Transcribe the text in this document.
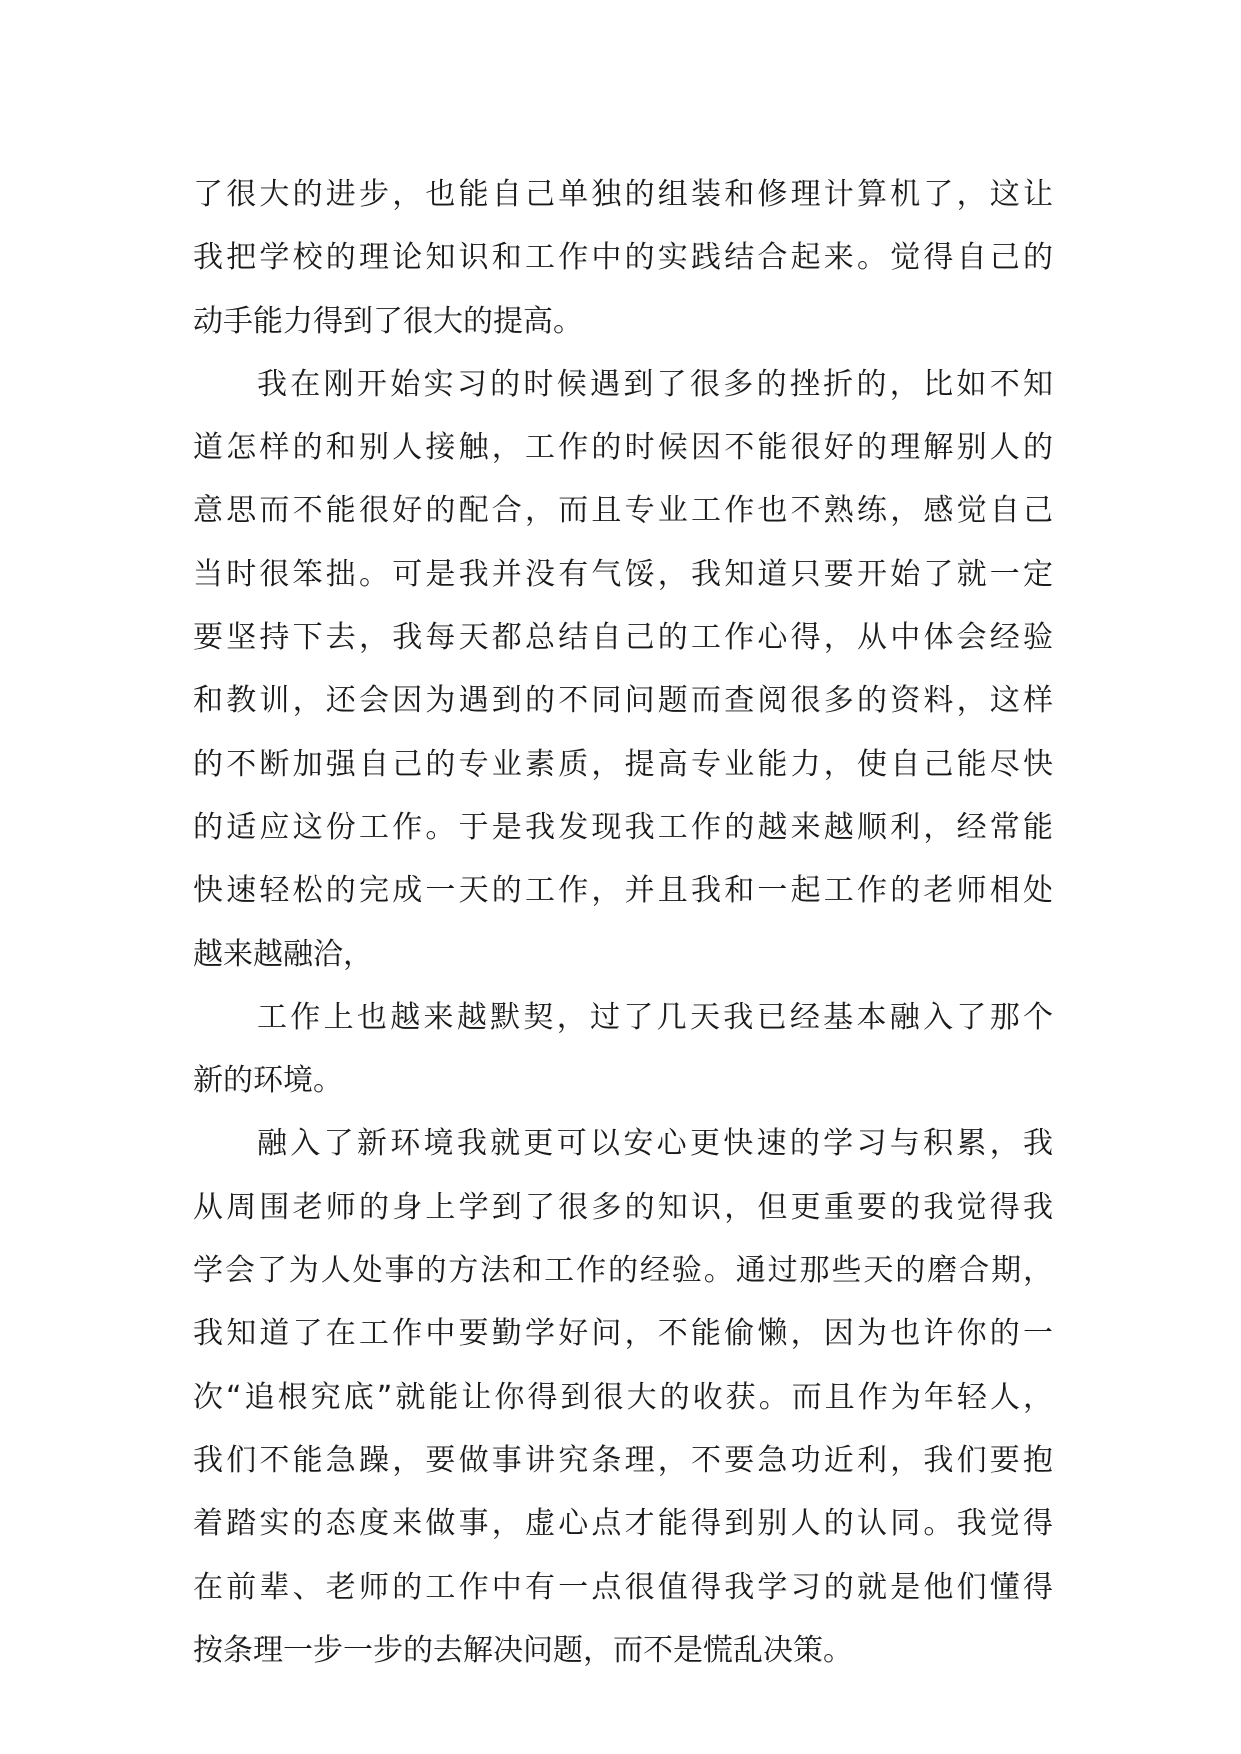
了很大的进步，也能自己单独的组装和修理计算机了，这让
我把学校的理论知识和工作中的实践结合起来。觉得自己的
动手能力得到了很大的提高。
我在刚开始实习的时候遇到了很多的挫折的，比如不知
道怎样的和别人接触，工作的时候因不能很好的理解别人的
意思而不能很好的配合，而且专业工作也不熟练，感觉自己
当时很笨拙。可是我并没有气馁，我知道只要开始了就一定
要坚持下去，我每天都总结自己的工作心得，从中体会经验
和教训，还会因为遇到的不同问题而查阅很多的资料，这样
的不断加强自己的专业素质，提高专业能力，使自己能尽快
的适应这份工作。于是我发现我工作的越来越顺利，经常能
快速轻松的完成一天的工作，并且我和一起工作的老师相处
越来越融洽，
工作上也越来越默契，过了几天我已经基本融入了那个
新的环境。
融入了新环境我就更可以安心更快速的学习与积累，我
从周围老师的身上学到了很多的知识，但更重要的我觉得我
学会了为人处事的方法和工作的经验。通过那些天的磨合期，
我知道了在工作中要勤学好问，不能偷懒，因为也许你的一
次“追根究底”就能让你得到很大的收获。而且作为年轻人，
我们不能急躁，要做事讲究条理，不要急功近利，我们要抱
着踏实的态度来做事，虚心点才能得到别人的认同。我觉得
在前辈、老师的工作中有一点很值得我学习的就是他们懂得
按条理一步一步的去解决问题，而不是慌乱决策。
